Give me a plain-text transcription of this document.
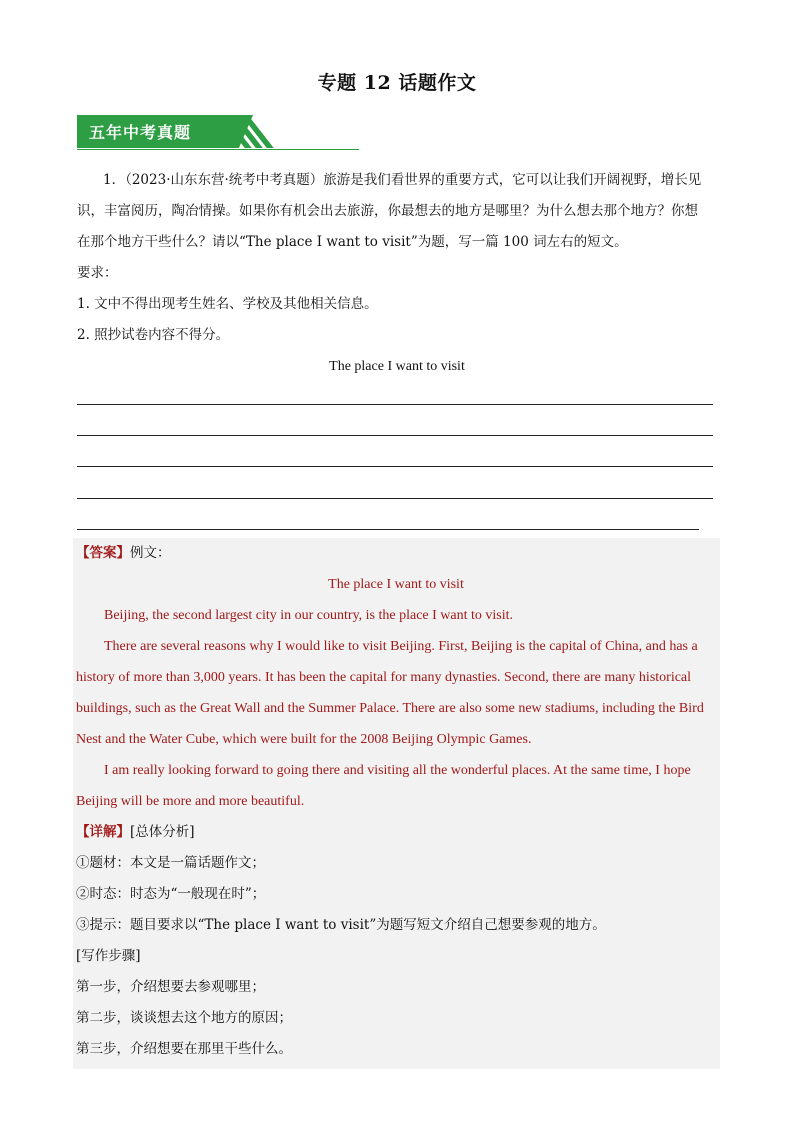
专题 12 话题作文
五年中考真题

1．（2023·山东东营·统考中考真题）旅游是我们看世界的重要方式，它可以让我们开阔视野，增长见

识，丰富阅历，陶冶情操。如果你有机会出去旅游，你最想去的地方是哪里？为什么想去那个地方？你想

在那个地方干些什么？请以“The place I want to visit”为题，写一篇 100 词左右的短文。

要求：

1. 文中不得出现考生姓名、学校及其他相关信息。

2. 照抄试卷内容不得分。

The place I want to visit

【答案】例文：
The place I want to visit
Beijing, the second largest city in our country, is the place I want to visit.
There are several reasons why I would like to visit Beijing. First, Beijing is the capital of China, and has a
history of more than 3,000 years. It has been the capital for many dynasties. Second, there are many historical
buildings, such as the Great Wall and the Summer Palace. There are also some new stadiums, including the Bird
Nest and the Water Cube, which were built for the 2008 Beijing Olympic Games.
I am really looking forward to going there and visiting all the wonderful places. At the same time, I hope
Beijing will be more and more beautiful.
【详解】[总体分析]
①题材：本文是一篇话题作文；
②时态：时态为“一般现在时”；
③提示：题目要求以“The place I want to visit”为题写短文介绍自己想要参观的地方。
[写作步骤]
第一步，介绍想要去参观哪里；
第二步，谈谈想去这个地方的原因；
第三步，介绍想要在那里干些什么。
